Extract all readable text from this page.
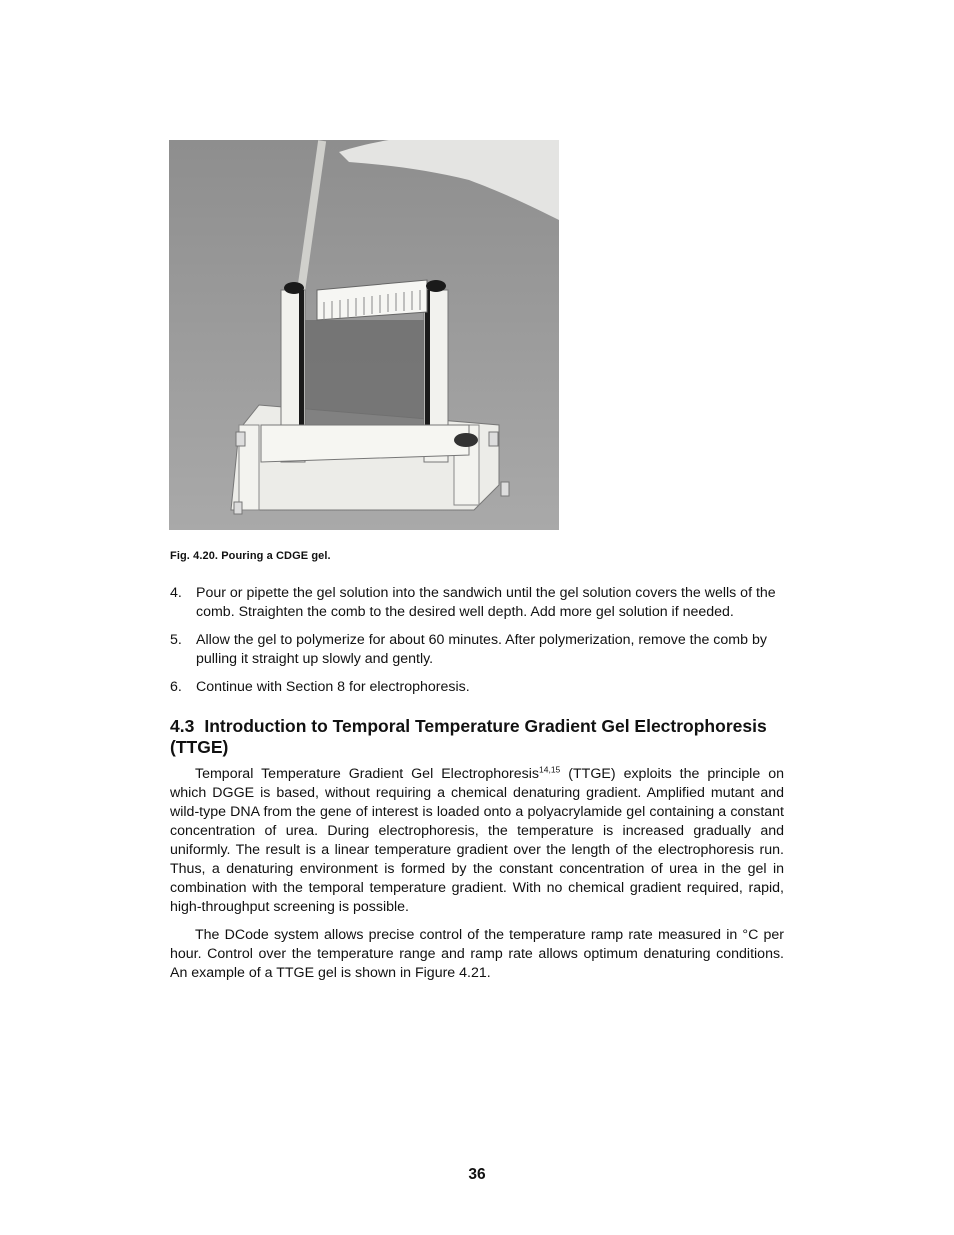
Fig. 4.20. Pouring a CDGE gel.
4. Pour or pipette the gel solution into the sandwich until the gel solution covers the wells of the comb. Straighten the comb to the desired well depth. Add more gel solution if needed.
5. Allow the gel to polymerize for about 60 minutes. After polymerization, remove the comb by pulling it straight up slowly and gently.
6. Continue with Section 8 for electrophoresis.
4.3 Introduction to Temporal Temperature Gradient Gel Electrophoresis (TTGE)

Temporal Temperature Gradient Gel Electrophoresis$^{14,15}$ (TTGE) exploits the principle on which DGGE is based, without requiring a chemical denaturing gradient. Amplified mutant and wild-type DNA from the gene of interest is loaded onto a polyacrylamide gel containing a constant concentration of urea. During electrophoresis, the temperature is increased gradually and uniformly. The result is a linear temperature gradient over the length of the electrophoresis run. Thus, a denaturing environment is formed by the constant concentration of urea in the gel in combination with the temporal temperature gradient. With no chemical gradient required, rapid, high-throughput screening is possible.

The DCode system allows precise control of the temperature ramp rate measured in °C per hour. Control over the temperature range and ramp rate allows optimum denaturing conditions. An example of a TTGE gel is shown in Figure 4.21.

36
